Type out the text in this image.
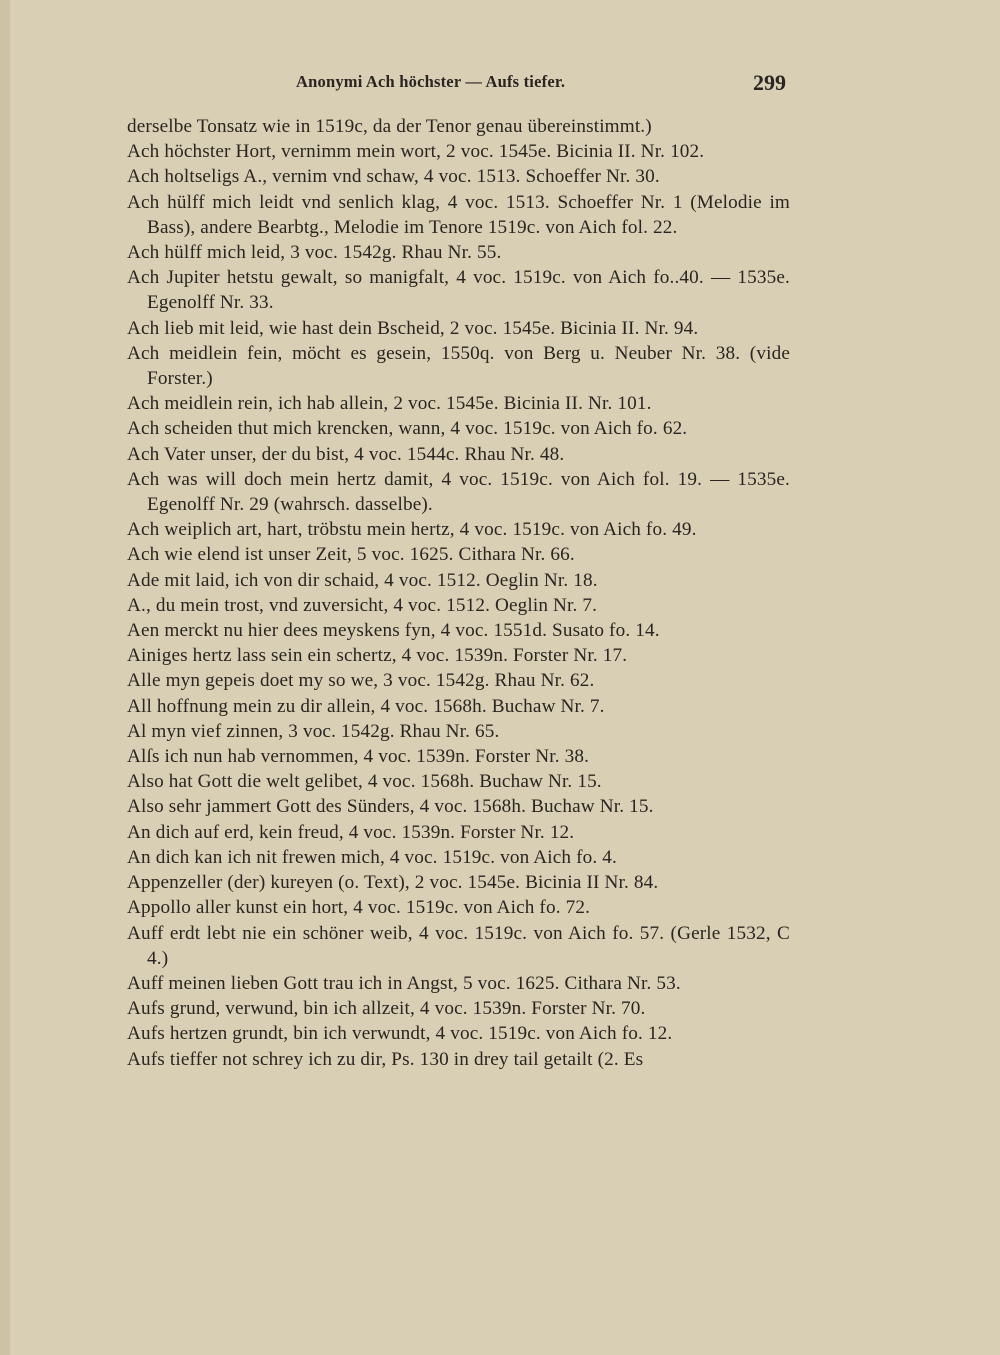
Anonymi Ach höchster — Aufs tiefer.	299
derselbe Tonsatz wie in 1519c, da der Tenor genau übereinstimmt.)
Ach höchster Hort, vernimm mein wort, 2 voc. 1545e. Bicinia II. Nr. 102.
Ach holtseligs A., vernim vnd schaw, 4 voc. 1513. Schoeffer Nr. 30.
Ach hülff mich leidt vnd senlich klag, 4 voc. 1513. Schoeffer Nr. 1 (Melodie im Bass), andere Bearbtg., Melodie im Tenore 1519c. von Aich fol. 22.
Ach hülff mich leid, 3 voc. 1542g. Rhau Nr. 55.
Ach Jupiter hetstu gewalt, so manigfalt, 4 voc. 1519c. von Aich fo..40. — 1535e. Egenolff Nr. 33.
Ach lieb mit leid, wie hast dein Bscheid, 2 voc. 1545e. Bicinia II. Nr. 94.
Ach meidlein fein, möcht es gesein, 1550q. von Berg u. Neuber Nr. 38. (vide Forster.)
Ach meidlein rein, ich hab allein, 2 voc. 1545e. Bicinia II. Nr. 101.
Ach scheiden thut mich krencken, wann, 4 voc. 1519c. von Aich fo. 62.
Ach Vater unser, der du bist, 4 voc. 1544c. Rhau Nr. 48.
Ach was will doch mein hertz damit, 4 voc. 1519c. von Aich fol. 19. — 1535e. Egenolff Nr. 29 (wahrsch. dasselbe).
Ach weiplich art, hart, tröbstu mein hertz, 4 voc. 1519c. von Aich fo. 49.
Ach wie elend ist unser Zeit, 5 voc. 1625. Cithara Nr. 66.
Ade mit laid, ich von dir schaid, 4 voc. 1512. Oeglin Nr. 18.
A., du mein trost, vnd zuversicht, 4 voc. 1512. Oeglin Nr. 7.
Aen merckt nu hier dees meyskens fyn, 4 voc. 1551d. Susato fo. 14.
Ainiges hertz lass sein ein schertz, 4 voc. 1539n. Forster Nr. 17.
Alle myn gepeis doet my so we, 3 voc. 1542g. Rhau Nr. 62.
All hoffnung mein zu dir allein, 4 voc. 1568h. Buchaw Nr. 7.
Al myn vief zinnen, 3 voc. 1542g. Rhau Nr. 65.
Alſs ich nun hab vernommen, 4 voc. 1539n. Forster Nr. 38.
Also hat Gott die welt gelibet, 4 voc. 1568h. Buchaw Nr. 15.
Also sehr jammert Gott des Sünders, 4 voc. 1568h. Buchaw Nr. 15.
An dich auf erd, kein freud, 4 voc. 1539n. Forster Nr. 12.
An dich kan ich nit frewen mich, 4 voc. 1519c. von Aich fo. 4.
Appenzeller (der) kureyen (o. Text), 2 voc. 1545e. Bicinia II Nr. 84.
Appollo aller kunst ein hort, 4 voc. 1519c. von Aich fo. 72.
Auff erdt lebt nie ein schöner weib, 4 voc. 1519c. von Aich fo. 57. (Gerle 1532, C 4.)
Auff meinen lieben Gott trau ich in Angst, 5 voc. 1625. Cithara Nr. 53.
Aufs grund, verwund, bin ich allzeit, 4 voc. 1539n. Forster Nr. 70.
Aufs hertzen grundt, bin ich verwundt, 4 voc. 1519c. von Aich fo. 12.
Aufs tieffer not schrey ich zu dir, Ps. 130 in drey tail getailt (2. Es
